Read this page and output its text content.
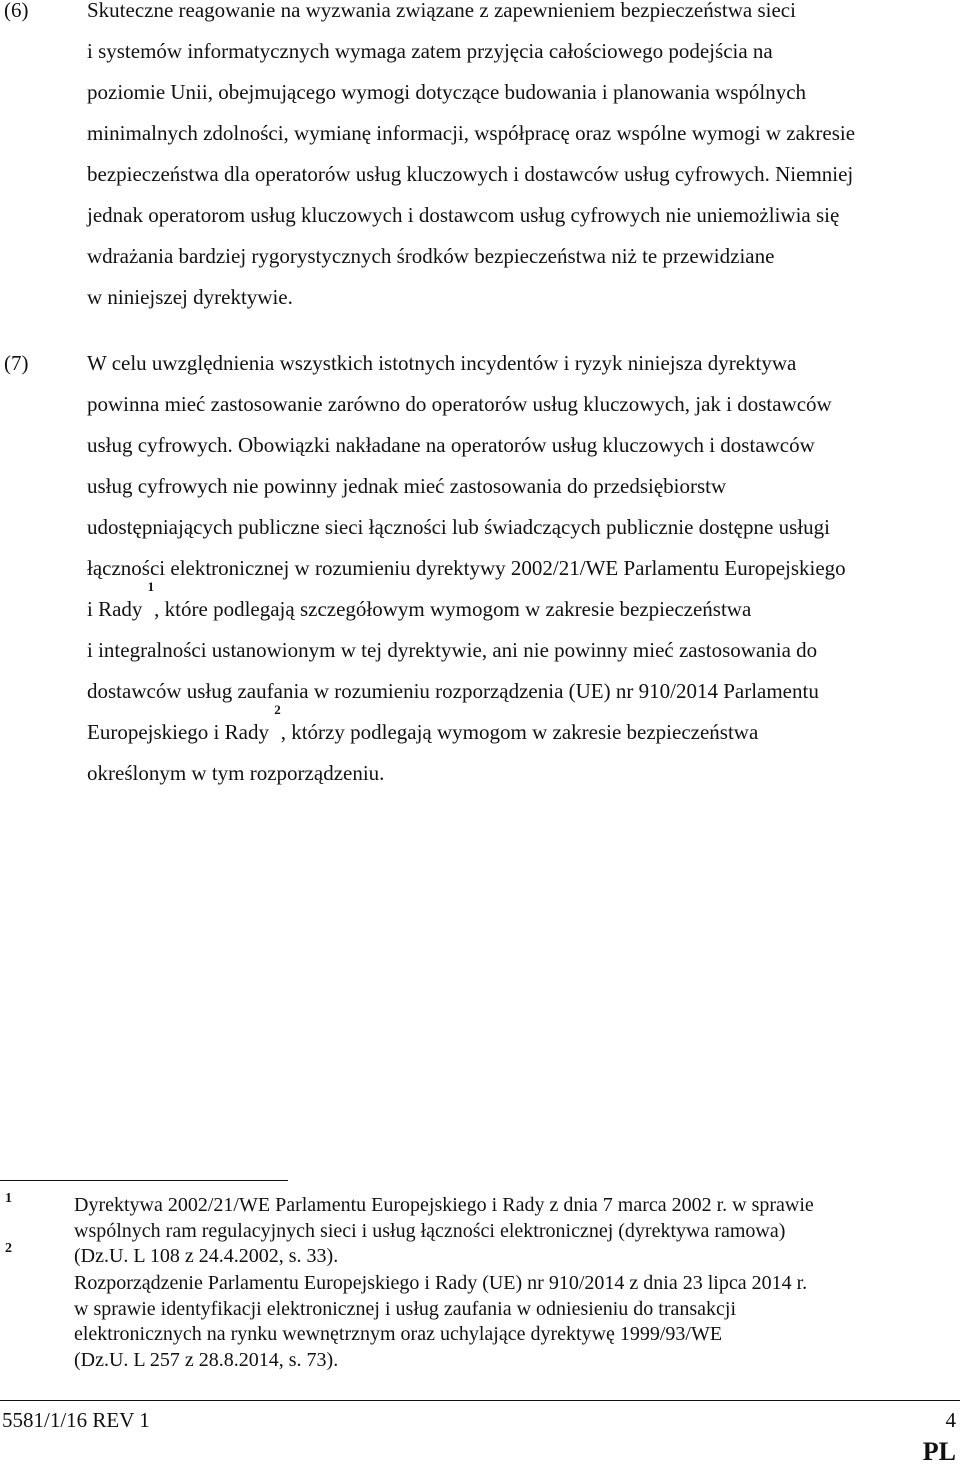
(6)	Skuteczne reagowanie na wyzwania związane z zapewnieniem bezpieczeństwa sieci
i systemów informatycznych wymaga zatem przyjęcia całościowego podejścia na
poziomie Unii, obejmującego wymogi dotyczące budowania i planowania wspólnych
minimalnych zdolności, wymianę informacji, współpracę oraz wspólne wymogi w zakresie
bezpieczeństwa dla operatorów usług kluczowych i dostawców usług cyfrowych. Niemniej
jednak operatorom usług kluczowych i dostawcom usług cyfrowych nie uniemożliwia się
wdrażania bardziej rygorystycznych środków bezpieczeństwa niż te przewidziane
w niniejszej dyrektywie.
(7)	W celu uwzględnienia wszystkich istotnych incydentów i ryzyk niniejsza dyrektywa
powinna mieć zastosowanie zarówno do operatorów usług kluczowych, jak i dostawców
usług cyfrowych. Obowiązki nakładane na operatorów usług kluczowych i dostawców
usług cyfrowych nie powinny jednak mieć zastosowania do przedsiębiorstw
udostępniających publiczne sieci łączności lub świadczących publicznie dostępne usługi
łączności elektronicznej w rozumieniu dyrektywy 2002/21/WE Parlamentu Europejskiego
i Rady $^1$, które podlegają szczegółowym wymogom w zakresie bezpieczeństwa
i integralności ustanowionym w tej dyrektywie, ani nie powinny mieć zastosowania do
dostawców usług zaufania w rozumieniu rozporządzenia (UE) nr 910/2014 Parlamentu
Europejskiego i Rady $^2$, którzy podlegają wymogom w zakresie bezpieczeństwa
określonym w tym rozporządzeniu.
1	Dyrektywa 2002/21/WE Parlamentu Europejskiego i Rady z dnia 7 marca 2002 r. w sprawie
wspólnych ram regulacyjnych sieci i usług łączności elektronicznej (dyrektywa ramowa)
(Dz.U. L 108 z 24.4.2002, s. 33).
2
Rozporządzenie Parlamentu Europejskiego i Rady (UE) nr 910/2014 z dnia 23 lipca 2014 r.
w sprawie identyfikacji elektronicznej i usług zaufania w odniesieniu do transakcji
elektronicznych na rynku wewnętrznym oraz uchylające dyrektywę 1999/93/WE
(Dz.U. L 257 z 28.8.2014, s. 73).
5581/1/16 REV 1	4
PL
